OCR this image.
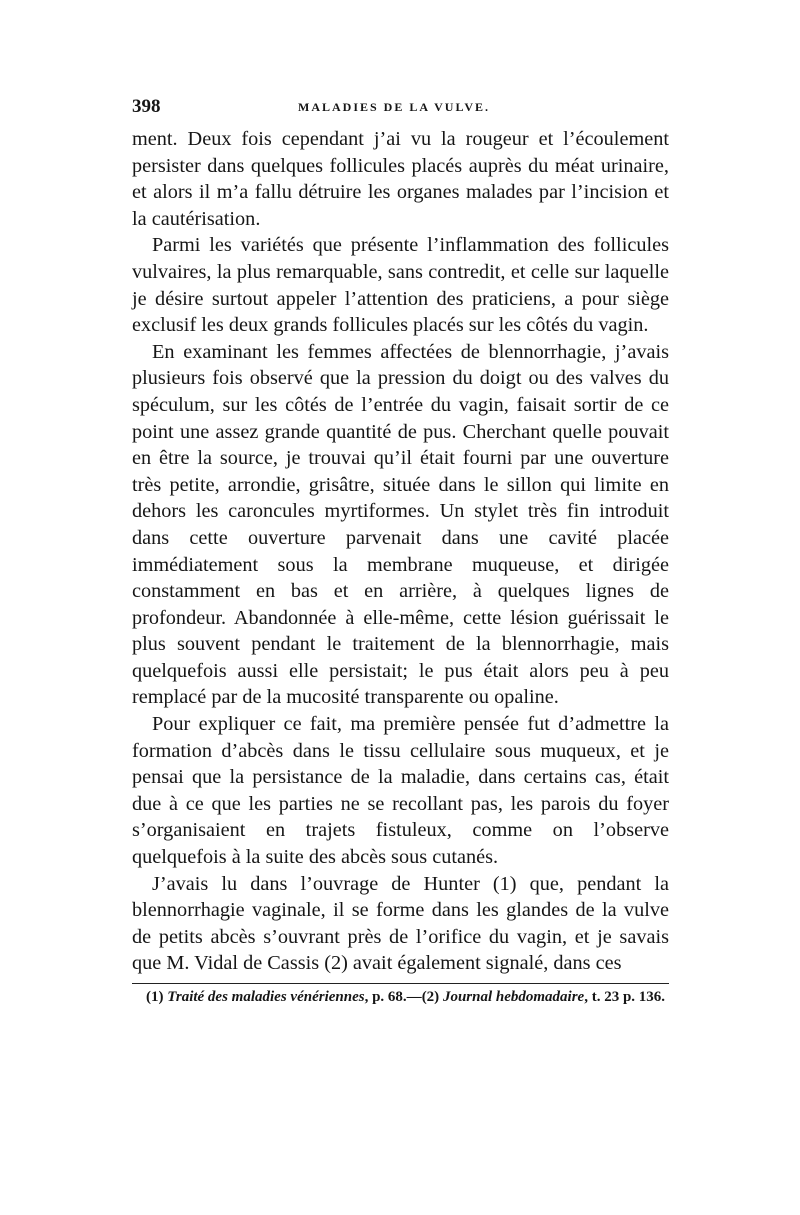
398	MALADIES DE LA VULVE.

ment. Deux fois cependant j’ai vu la rougeur et l’écoulement persister dans quelques follicules placés auprès du méat urinaire, et alors il m’a fallu détruire les organes malades par l’incision et la cautérisation.

Parmi les variétés que présente l’inflammation des follicules vulvaires, la plus remarquable, sans contredit, et celle sur laquelle je désire surtout appeler l’attention des praticiens, a pour siège exclusif les deux grands follicules placés sur les côtés du vagin.

En examinant les femmes affectées de blennorrhagie, j’avais plusieurs fois observé que la pression du doigt ou des valves du spéculum, sur les côtés de l’entrée du vagin, faisait sortir de ce point une assez grande quantité de pus. Cherchant quelle pouvait en être la source, je trouvai qu’il était fourni par une ouverture très petite, arrondie, grisâtre, située dans le sillon qui limite en dehors les caroncules myrtiformes. Un stylet très fin introduit dans cette ouverture parvenait dans une cavité placée immédiatement sous la membrane muqueuse, et dirigée constamment en bas et en arrière, à quelques lignes de profondeur. Abandonnée à elle-même, cette lésion guérissait le plus souvent pendant le traitement de la blennorrhagie, mais quelquefois aussi elle persistait; le pus était alors peu à peu remplacé par de la mucosité transparente ou opaline.

Pour expliquer ce fait, ma première pensée fut d’admettre la formation d’abcès dans le tissu cellulaire sous muqueux, et je pensai que la persistance de la maladie, dans certains cas, était due à ce que les parties ne se recollant pas, les parois du foyer s’organisaient en trajets fistuleux, comme on l’observe quelquefois à la suite des abcès sous cutanés.

J’avais lu dans l’ouvrage de Hunter (1) que, pendant la blennorrhagie vaginale, il se forme dans les glandes de la vulve de petits abcès s’ouvrant près de l’orifice du vagin, et je savais que M. Vidal de Cassis (2) avait également signalé, dans ces

(1) Traité des maladies vénériennes, p. 68.—(2) Journal hebdomadaire, t. 23 p. 136.
